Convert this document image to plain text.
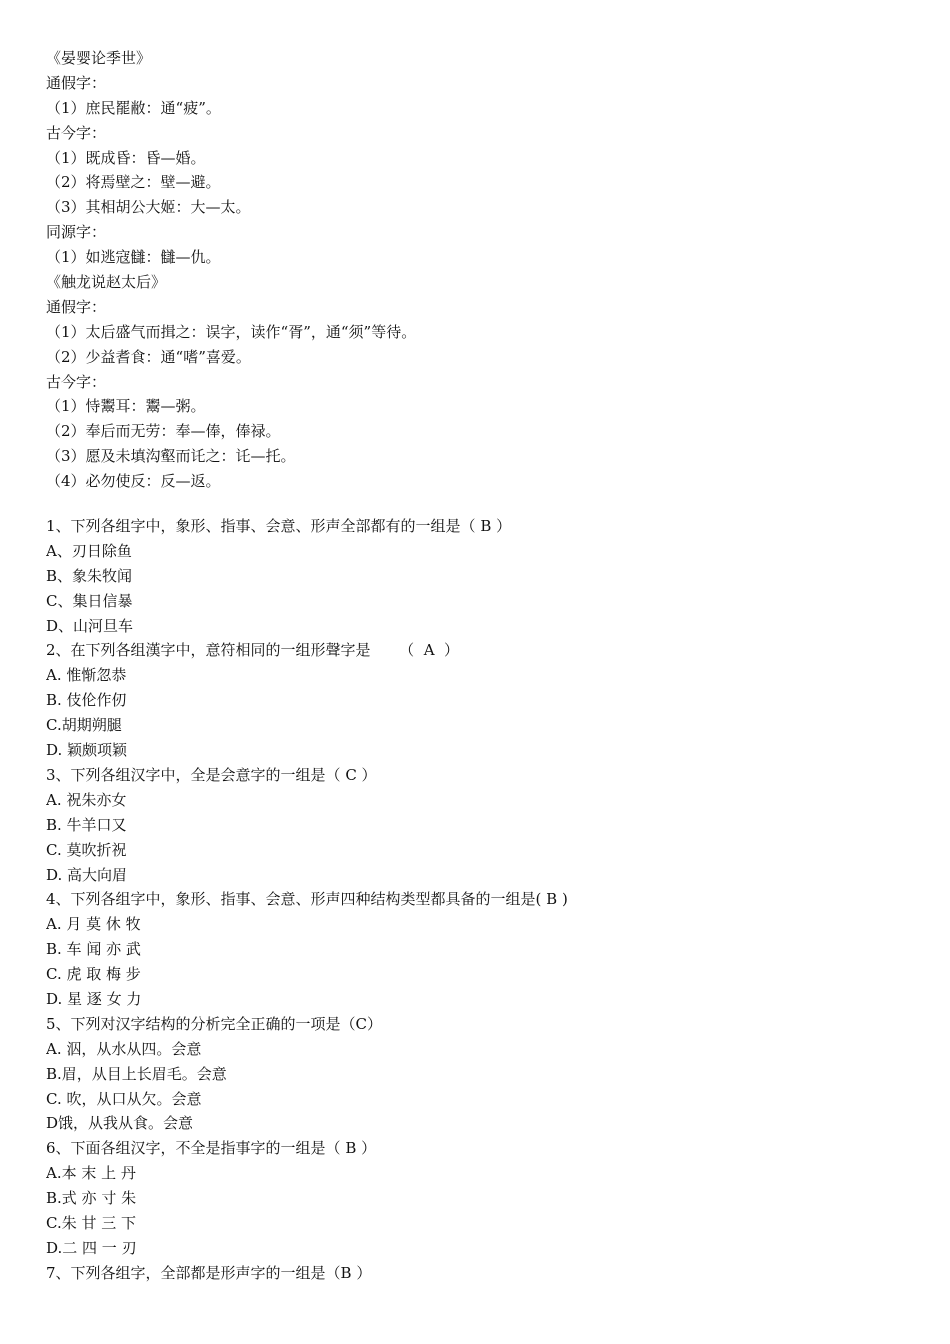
《晏婴论季世》
通假字：
（1）庶民罷敝：通“疲”。
古今字：
（1）既成昏：昏—婚。
（2）将焉壁之：壁—避。
（3）其相胡公大姬：大—太。
同源字：
（1）如逃寇讎：讎—仇。
《触龙说赵太后》
通假字：
（1）太后盛气而揖之：误字，读作“胥”，通“须”等待。
（2）少益耆食：通“嗜”喜爱。
古今字：
（1）恃鬻耳：鬻—粥。
（2）奉后而无劳：奉—俸，俸禄。
（3）愿及未填沟壑而讬之：讬—托。
（4）必勿使反：反—返。
1、下列各组字中，象形、指事、会意、形声全部都有的一组是（ B ）
A、刃日除鱼
B、象朱牧闻
C、集日信暴
D、山河旦车
2、在下列各组漢字中，意符相同的一组形聲字是      （  A  ）
A. 惟惭忽恭
B. 伎伦作仞
C.胡期朔腿
D. 颖颇项颖
3、下列各组汉字中，全是会意字的一组是（ C ）
A. 祝朱亦女
B. 牛羊口又
C. 莫吹折祝
D. 高大向眉
4、下列各组字中，象形、指事、会意、形声四种结构类型都具备的一组是( B )
A. 月 莫 休 牧
B. 车 闻 亦 武
C. 虎 取 梅 步
D. 星 逐 女 力
5、下列对汉字结构的分析完全正确的一项是（C）
A. 泅，从水从四。会意
B.眉，从目上长眉毛。会意
C. 吹，从口从欠。会意
D饿，从我从食。会意
6、下面各组汉字，不全是指事字的一组是（ B ）
A.本 末 上 丹
B.式 亦 寸 朱
C.朱 甘 三 下
D.二 四 一 刃
7、下列各组字，全部都是形声字的一组是（B ）
